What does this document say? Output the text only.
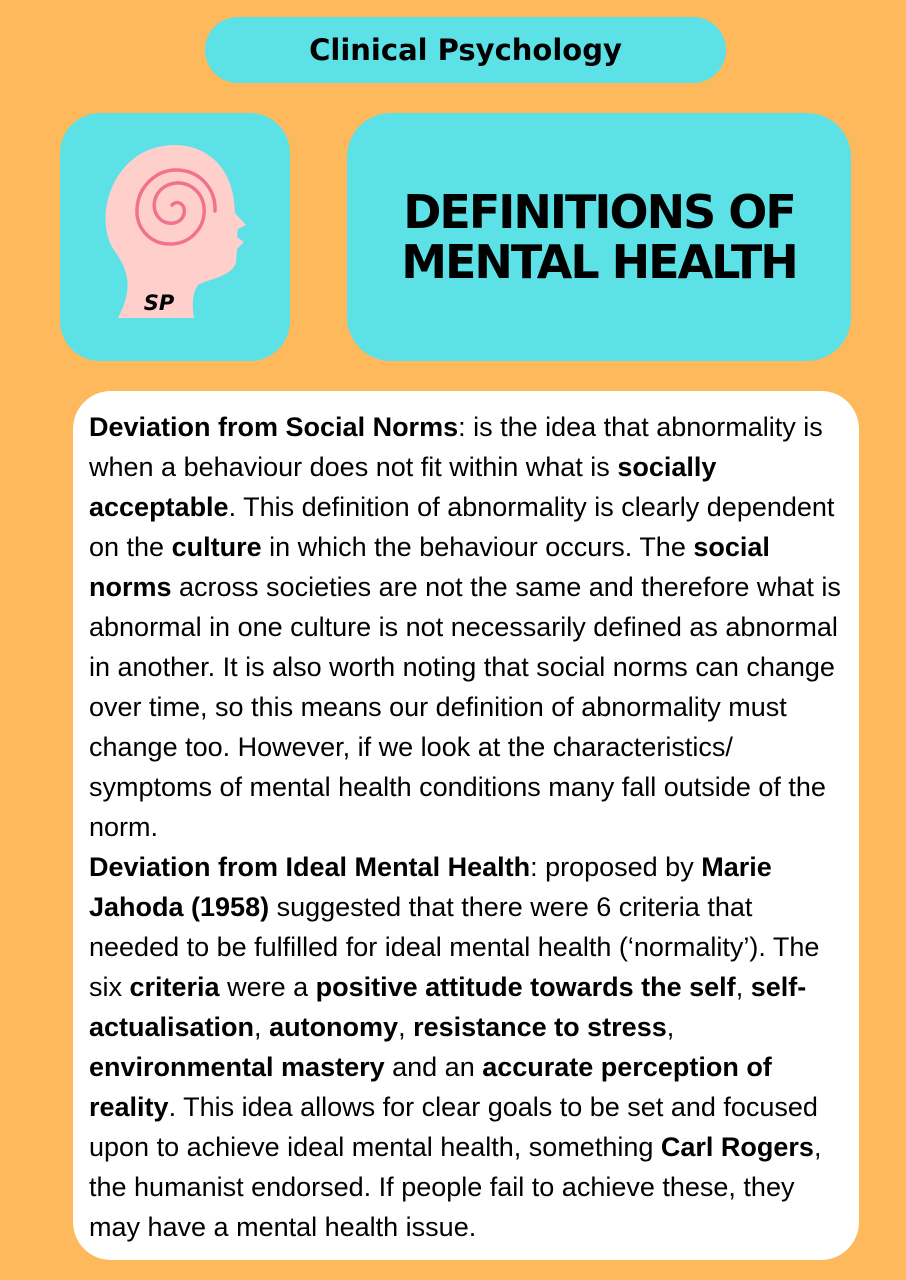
Clinical Psychology
SP
DEFINITIONS OF
MENTAL HEALTH

Deviation from Social Norms: is the idea that abnormality is when a behaviour does not fit within what is socially acceptable. This definition of abnormality is clearly dependent on the culture in which the behaviour occurs. The social norms across societies are not the same and therefore what is abnormal in one culture is not necessarily defined as abnormal in another. It is also worth noting that social norms can change over time, so this means our definition of abnormality must change too. However, if we look at the characteristics/ symptoms of mental health conditions many fall outside of the norm.

Deviation from Ideal Mental Health: proposed by Marie Jahoda (1958) suggested that there were 6 criteria that needed to be fulfilled for ideal mental health (‘normality’). The six criteria were a positive attitude towards the self, self-actualisation, autonomy, resistance to stress, environmental mastery and an accurate perception of reality. This idea allows for clear goals to be set and focused upon to achieve ideal mental health, something Carl Rogers, the humanist endorsed. If people fail to achieve these, they may have a mental health issue.
